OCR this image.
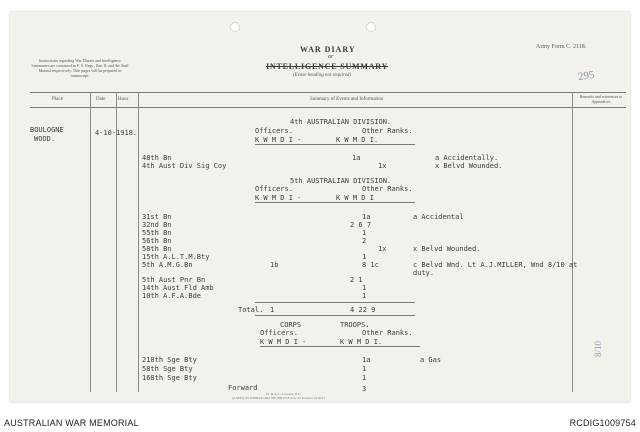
WAR DIARY
or
INTELLIGENCE SUMMARY
(Erase heading not required)
Army Form C. 2118.
295
Instructions regarding War Diaries and Intelligence Summaries are contained in F. S. Regs., Part II. and the Staff Manual respectively. Title pages will be prepared in manuscript.
Place	Date	Hour	Summary of Events and Information
Remarks and references to Appendices
BOULOGNE
WOOD.
4-10-1918.
4th AUSTRALIAN DIVISION.
Officers.	Other Ranks.
K W M D I -	K W M D I.
48th Bn	1a	a Accidentally.
4th Aust Div Sig Coy	1x	x Belvd Wounded.
5th AUSTRALIAN DIVISION.
Officers.	Other Ranks.
K W M D I -	K W M D I
31st Bn	1a	a Accidental
32nd Bn	2 6 7
55th Bn	1
56th Bn	2
58th Bn	1x	x Belvd Wounded.
15th A.L.T.M.Bty	1
5th A.M.G.Bn	1b	8 1c	c Belvd Wnd. Lt A.J.MILLER, Wnd 8/10 at duty.
5th Aust Pnr Bn	2 1
14th Aust Fld Amb	1
10th A.F.A.Bde	1
Total. 1	4 22 9
CORPS	TROOPS.
Officers.	Other Ranks.
K W M D I -	K W M D I.
218th Sge Bty	1a	a Gas
58th Sge Bty	1
168th Sge Bty	1
Forward	3
W. & A.L., London, E.C.
(A5835) Wt W6993/P1662 500,000 6/18 Sch. 52 Forms/C2118/17
8/10
AUSTRALIAN WAR MEMORIAL	RCDIG1009754
